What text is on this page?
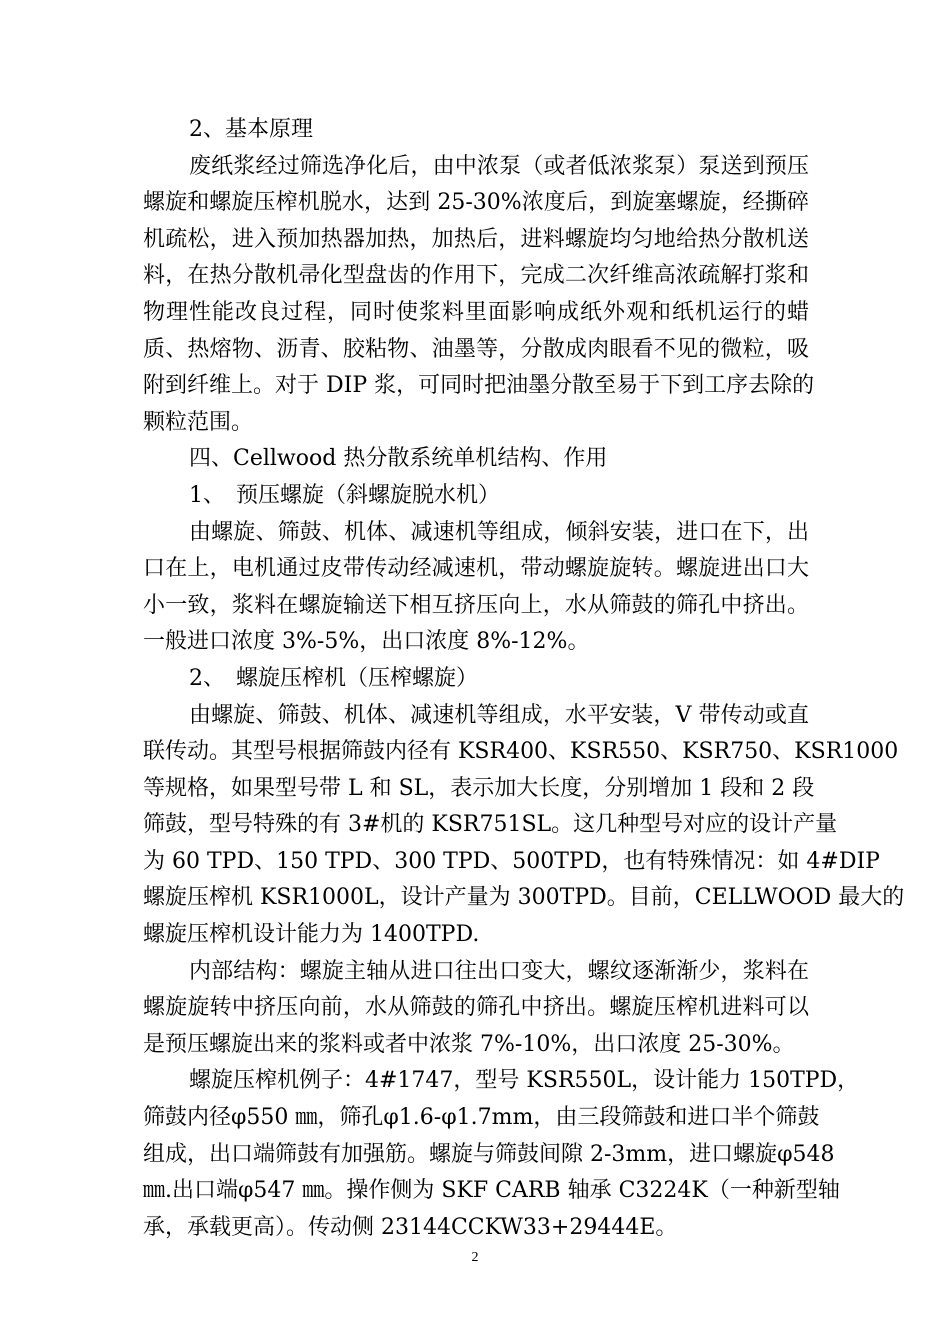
2、基本原理
废纸浆经过筛选净化后，由中浓泵（或者低浓浆泵）泵送到预压
螺旋和螺旋压榨机脱水，达到 25-30%浓度后，到旋塞螺旋，经撕碎
机疏松，进入预加热器加热，加热后，进料螺旋均匀地给热分散机送
料，在热分散机帚化型盘齿的作用下，完成二次纤维高浓疏解打浆和
物理性能改良过程，同时使浆料里面影响成纸外观和纸机运行的蜡
质、热熔物、沥青、胶粘物、油墨等，分散成肉眼看不见的微粒，吸
附到纤维上。对于 DIP 浆，可同时把油墨分散至易于下到工序去除的
颗粒范围。
四、Cellwood 热分散系统单机结构、作用
1、　预压螺旋（斜螺旋脱水机）
由螺旋、筛鼓、机体、减速机等组成，倾斜安装，进口在下，出
口在上，电机通过皮带传动经减速机，带动螺旋旋转。螺旋进出口大
小一致，浆料在螺旋输送下相互挤压向上，水从筛鼓的筛孔中挤出。
一般进口浓度 3%-5%，出口浓度 8%-12%。
2、　螺旋压榨机（压榨螺旋）
由螺旋、筛鼓、机体、减速机等组成，水平安装，V 带传动或直
联传动。其型号根据筛鼓内径有 KSR400、KSR550、KSR750、KSR1000
等规格，如果型号带 L 和 SL，表示加大长度，分别增加 1 段和 2 段
筛鼓，型号特殊的有 3#机的 KSR751SL。这几种型号对应的设计产量
为 60 TPD、150 TPD、300 TPD、500TPD，也有特殊情况：如 4#DIP
螺旋压榨机 KSR1000L，设计产量为 300TPD。目前，CELLWOOD 最大的
螺旋压榨机设计能力为 1400TPD.
内部结构：螺旋主轴从进口往出口变大，螺纹逐渐渐少，浆料在
螺旋旋转中挤压向前，水从筛鼓的筛孔中挤出。螺旋压榨机进料可以
是预压螺旋出来的浆料或者中浓浆 7%-10%，出口浓度 25-30%。
螺旋压榨机例子：4#1747，型号 KSR550L，设计能力 150TPD，
筛鼓内径φ550 ㎜，筛孔φ1.6-φ1.7mm，由三段筛鼓和进口半个筛鼓
组成，出口端筛鼓有加强筋。螺旋与筛鼓间隙 2-3mm，进口螺旋φ548
㎜.出口端φ547 ㎜。操作侧为 SKF CARB 轴承 C3224K（一种新型轴
承，承载更高）。传动侧 23144CCKW33+29444E。
2
